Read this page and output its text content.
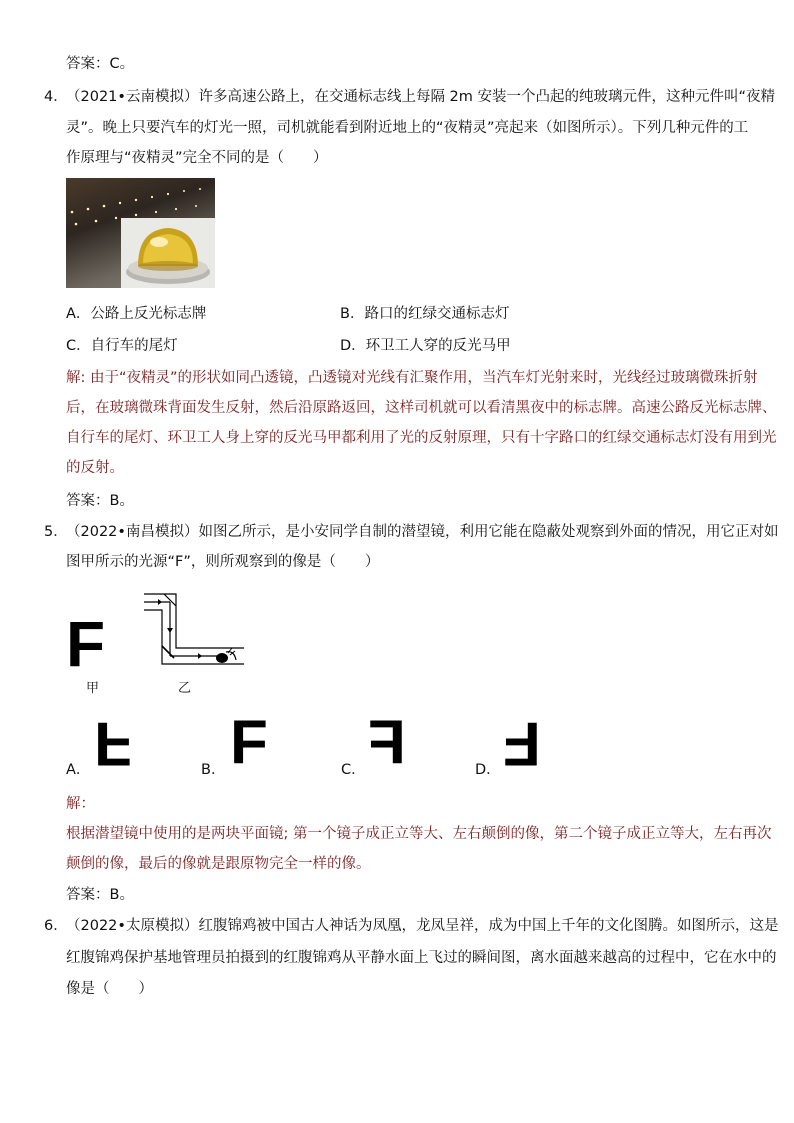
答案：C。
4．
（2021•云南模拟）许多高速公路上，在交通标志线上每隔 2m 安装一个凸起的纯玻璃元件，这种元件叫“夜精
灵”。晚上只要汽车的灯光一照，司机就能看到附近地上的“夜精灵”亮起来（如图所示）。下列几种元件的工
作原理与“夜精灵”完全不同的是（　　）
A．公路上反光标志牌	B．路口的红绿交通标志灯
C．自行车的尾灯	D．环卫工人穿的反光马甲
解: 由于“夜精灵”的形状如同凸透镜，凸透镜对光线有汇聚作用，当汽车灯光射来时，光线经过玻璃微珠折射
后，在玻璃微珠背面发生反射，然后沿原路返回，这样司机就可以看清黑夜中的标志牌。高速公路反光标志牌、
自行车的尾灯、环卫工人身上穿的反光马甲都利用了光的反射原理，只有十字路口的红绿交通标志灯没有用到光
的反射。
答案：B。
5．
（2022•南昌模拟）如图乙所示，是小安同学自制的潜望镜，利用它能在隐蔽处观察到外面的情况，用它正对如
图甲所示的光源“F”，则所观察到的像是（　　）
F
甲	乙
A． F	B． F	C． F	D． F
解：
根据潜望镜中使用的是两块平面镜; 第一个镜子成正立等大、左右颠倒的像，第二个镜子成正立等大，左右再次
颠倒的像，最后的像就是跟原物完全一样的像。
答案：B。
6．
（2022•太原模拟）红腹锦鸡被中国古人神话为凤凰，龙凤呈祥，成为中国上千年的文化图腾。如图所示，这是
红腹锦鸡保护基地管理员拍摄到的红腹锦鸡从平静水面上飞过的瞬间图，离水面越来越高的过程中，它在水中的
像是（　　）
